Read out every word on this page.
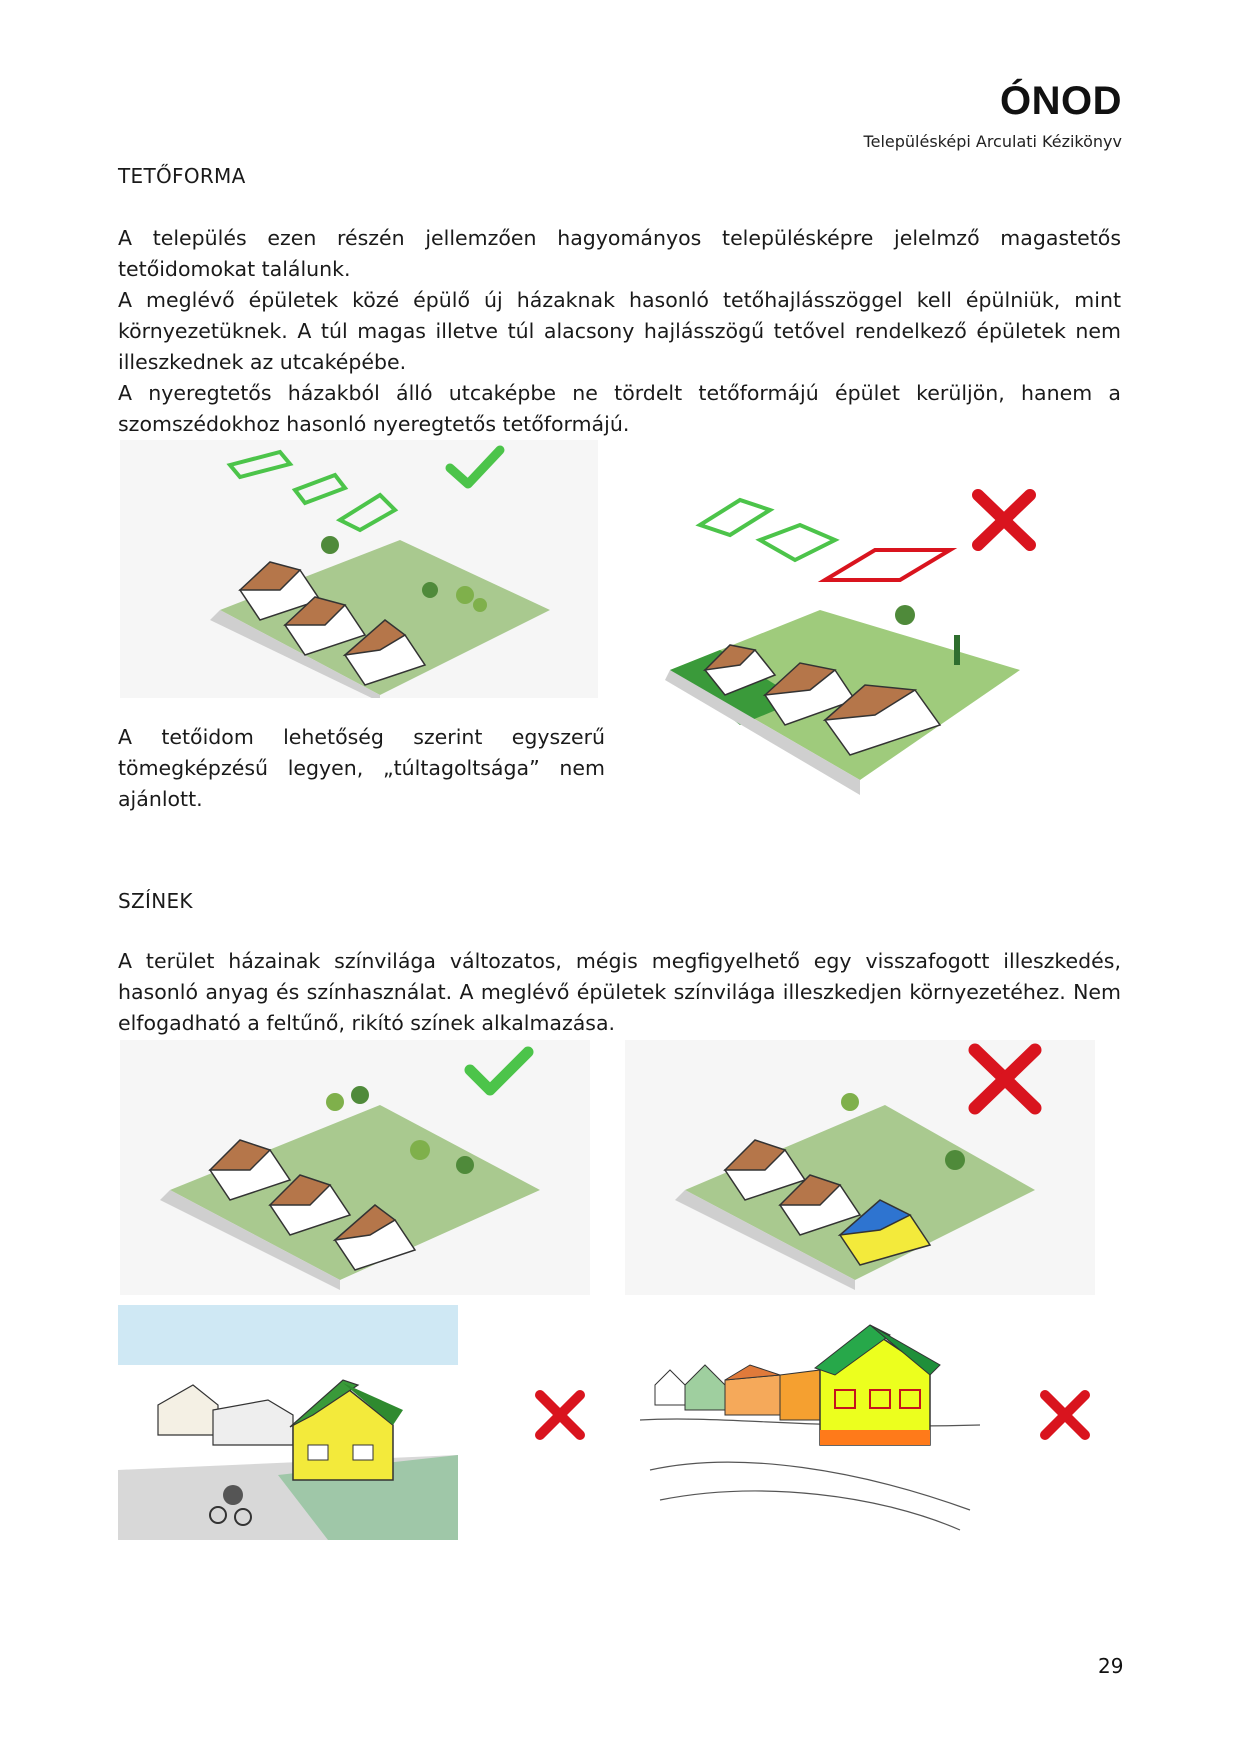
ÓNOD
Településképi Arculati Kézikönyv
TETŐFORMA

A település ezen részén jellemzően hagyományos településképre jelelmző magastetős tetőidomokat találunk.

A meglévő épületek közé épülő új házaknak hasonló tetőhajlásszöggel kell épülniük, mint környezetüknek. A túl magas illetve túl alacsony hajlásszögű tetővel rendelkező épületek nem illeszkednek az utcaképébe.

A nyeregtetős házakból álló utcaképbe ne tördelt tetőformájú épület kerüljön, hanem a szomszédokhoz hasonló nyeregtetős tetőformájú.

A tetőidom lehetőség szerint egyszerű tömegképzésű legyen, „túltagoltsága” nem ajánlott.
SZÍNEK

A terület házainak színvilága változatos, mégis megfigyelhető egy visszafogott illeszkedés, hasonló anyag és színhasználat. A meglévő épületek színvilága illeszkedjen környezetéhez. Nem elfogadható a feltűnő, rikító színek alkalmazása.

29
